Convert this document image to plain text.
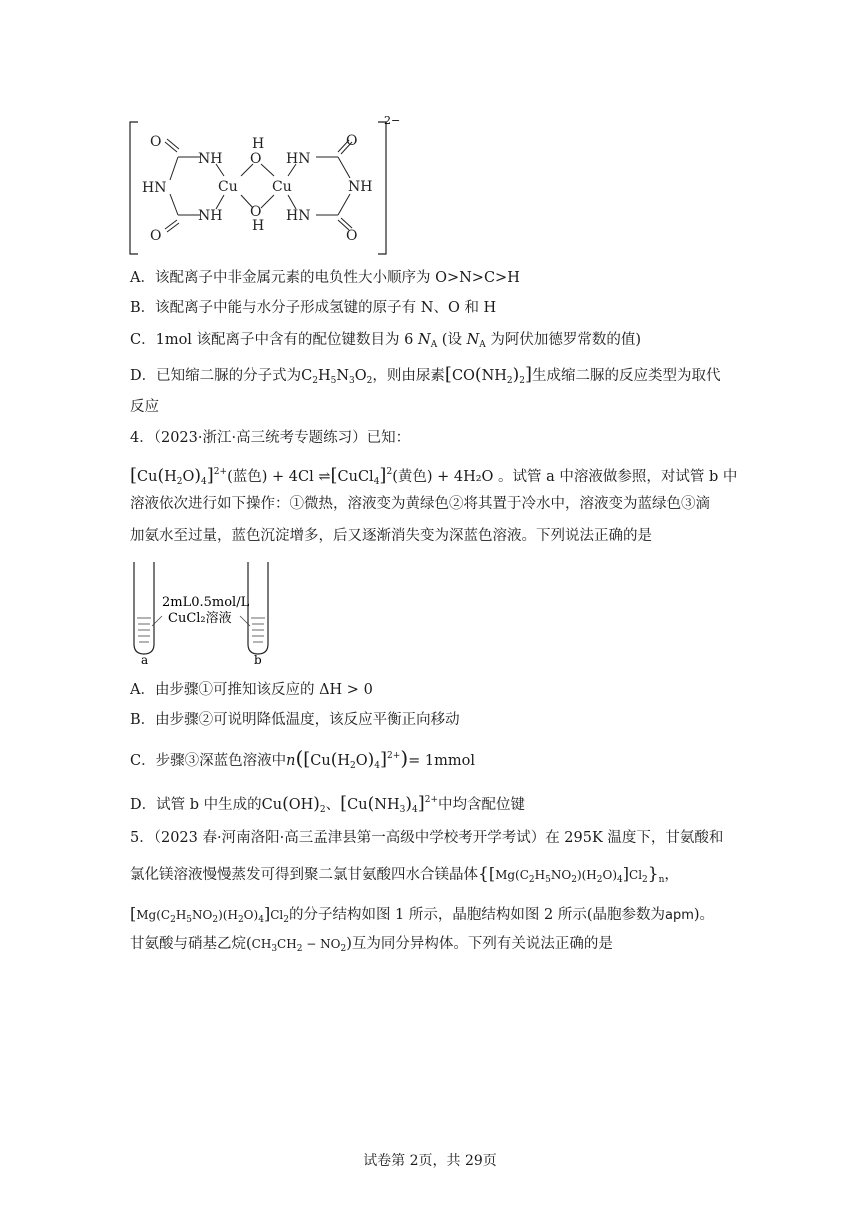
2−
O
NH
HN
NH
O
Cu
H
O
O
H
Cu
HN
NH
HN
O
O
A．该配离子中非金属元素的电负性大小顺序为 O>N>C>H
B．该配离子中能与水分子形成氢键的原子有 N、O 和 H
C．1mol 该配离子中含有的配位键数目为 6 $N_A$ (设 $N_A$ 为阿伏加德罗常数的值)
D．已知缩二脲的分子式为$C_2H_5N_3O_2$，则由尿素$[CO(NH_2)_2]$生成缩二脲的反应类型为取代
反应
4．（2023·浙江·高三统考专题练习）已知：
$[Cu(H_2O)_4]^{2+}$(蓝色) + 4Cl ⇌[CuCl$_4$]$^2$(黄色) + 4H₂O 。试管 a 中溶液做参照，对试管 b 中
溶液依次进行如下操作：①微热，溶液变为黄绿色②将其置于冷水中，溶液变为蓝绿色③滴
加氨水至过量，蓝色沉淀增多，后又逐渐消失变为深蓝色溶液。下列说法正确的是
2mL0.5mol/L
CuCl₂溶液
a	b
A．由步骤①可推知该反应的 ΔH > 0
B．由步骤②可说明降低温度，该反应平衡正向移动
C．步骤③深蓝色溶液中$n([Cu(H_2O)_4]^{2+})=$ 1mmol
D．试管 b 中生成的$Cu(OH)_2$、$[Cu(NH_3)_4]^{2+}$中均含配位键
5．（2023 春·河南洛阳·高三孟津县第一高级中学校考开学考试）在 295K 温度下，甘氨酸和
氯化镁溶液慢慢蒸发可得到聚二氯甘氨酸四水合镁晶体$\{[Mg(C_2H_5NO_2)(H_2O)_4]Cl_2\}_n$，
$[Mg(C_2H_5NO_2)(H_2O)_4]Cl_2$的分子结构如图 1 所示，晶胞结构如图 2 所示(晶胞参数为apm)。
甘氨酸与硝基乙烷$(CH_3CH_2 - NO_2)$互为同分异构体。下列有关说法正确的是
试卷第 2页，共 29页
